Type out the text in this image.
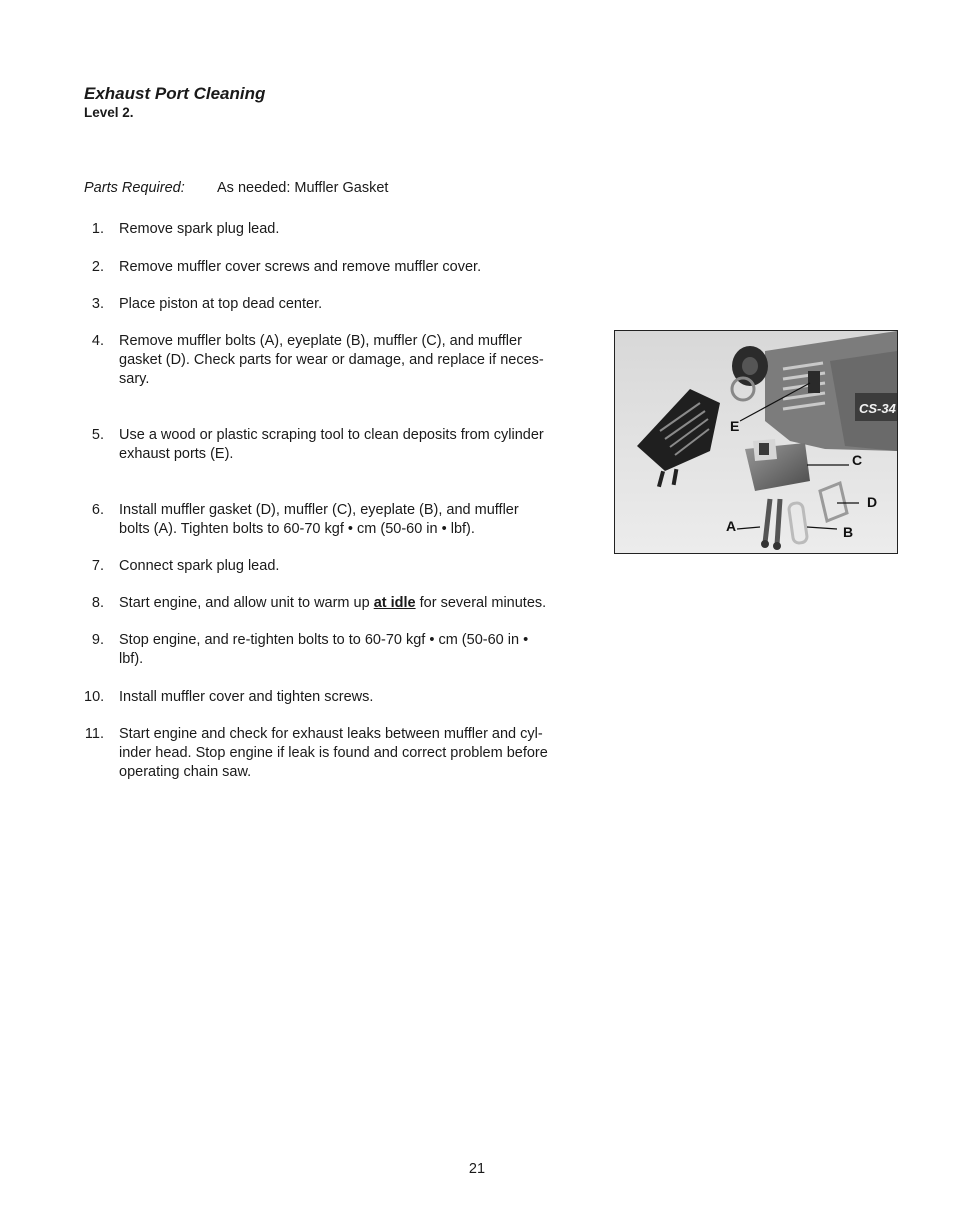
Exhaust Port Cleaning
Level 2.
Parts Required: As needed: Muffler Gasket
1. Remove spark plug lead.
2. Remove muffler cover screws and remove muffler cover.
3. Place piston at top dead center.
4. Remove muffler bolts (A), eyeplate (B), muffler (C), and muffler
gasket (D). Check parts for wear or damage, and replace if neces-
sary.
5. Use a wood or plastic scraping tool to clean deposits from cylinder
exhaust ports (E).
6. Install muffler gasket (D), muffler (C), eyeplate (B), and muffler
bolts (A). Tighten bolts to 60-70 kgf • cm (50-60 in • lbf).
7. Connect spark plug lead.
8. Start engine, and allow unit to warm up at idle for several minutes.
9. Stop engine, and re-tighten bolts to to 60-70 kgf • cm (50-60 in •
lbf).
10. Install muffler cover and tighten screws.
11. Start engine and check for exhaust leaks between muffler and cyl-
inder head. Stop engine if leak is found and correct problem before
operating chain saw.
CS-34
E
C
D
A	B
21
